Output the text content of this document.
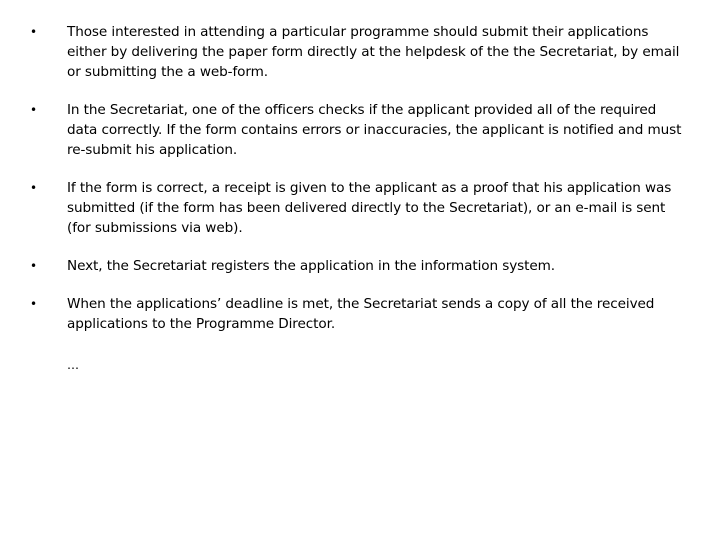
• Those interested in attending a particular programme should submit their applications either by delivering the paper form directly at the helpdesk of the the Secretariat, by email or submitting the a web-form.
• In the Secretariat, one of the officers checks if the applicant provided all of the required data correctly. If the form contains errors or inaccuracies, the applicant is notified and must re-submit his application.
• If the form is correct, a receipt is given to the applicant as a proof that his application was submitted (if the form has been delivered directly to the Secretariat), or an e-mail is sent (for submissions via web).
• Next, the Secretariat registers the application in the information system.
• When the applications’ deadline is met, the Secretariat sends a copy of all the received applications to the Programme Director.
…
